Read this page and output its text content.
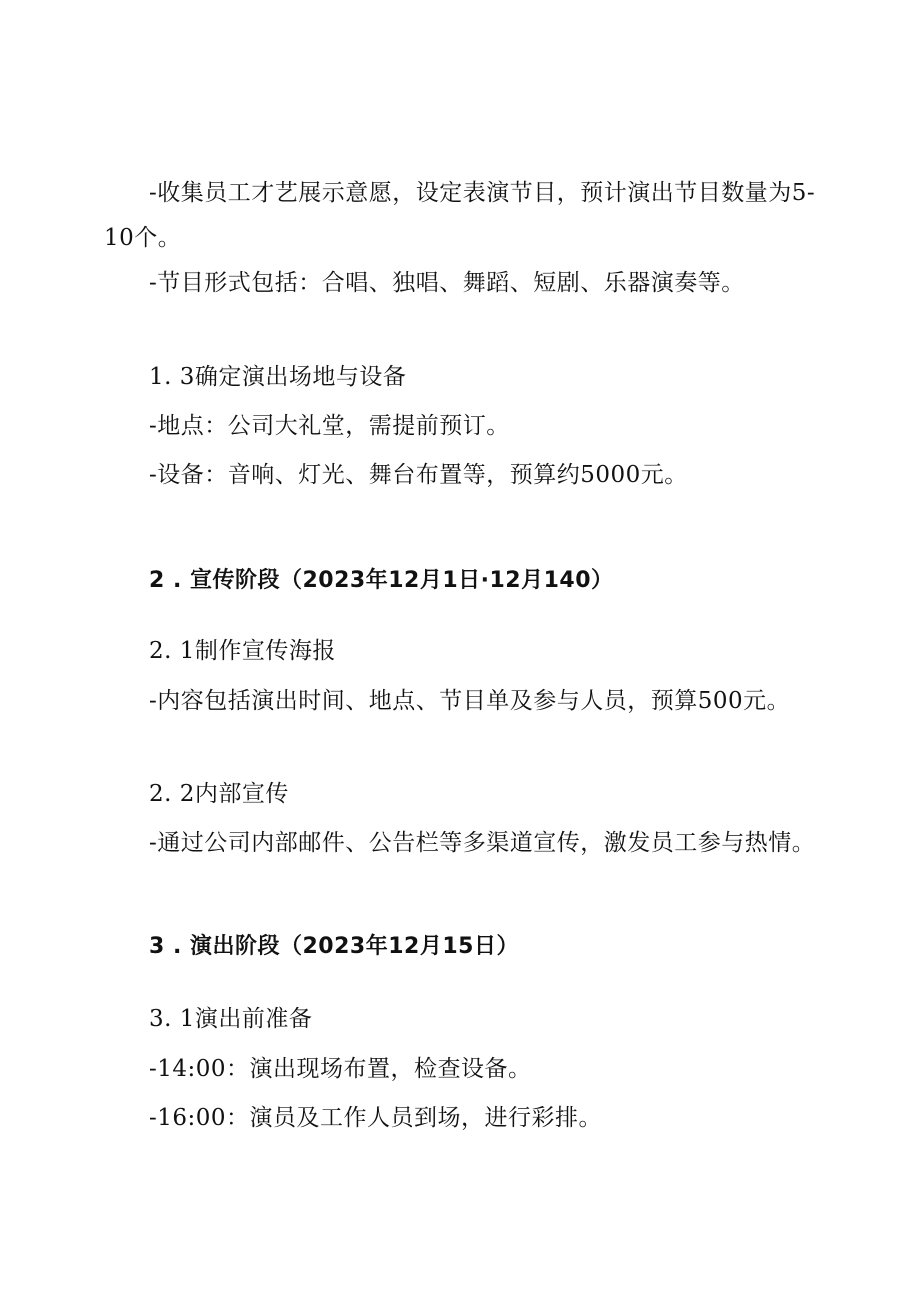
-收集员工才艺展示意愿，设定表演节目，预计演出节目数量为5-
10个。
-节目形式包括：合唱、独唱、舞蹈、短剧、乐器演奏等。
1. 3确定演出场地与设备
-地点：公司大礼堂，需提前预订。
-设备：音响、灯光、舞台布置等，预算约5000元。
2 . 宣传阶段（2023年12月1日·12月140）
2. 1制作宣传海报
-内容包括演出时间、地点、节目单及参与人员，预算500元。
2. 2内部宣传
-通过公司内部邮件、公告栏等多渠道宣传，激发员工参与热情。
3 . 演出阶段（2023年12月15日）
3. 1演出前准备
-14:00：演出现场布置，检查设备。
-16:00：演员及工作人员到场，进行彩排。
